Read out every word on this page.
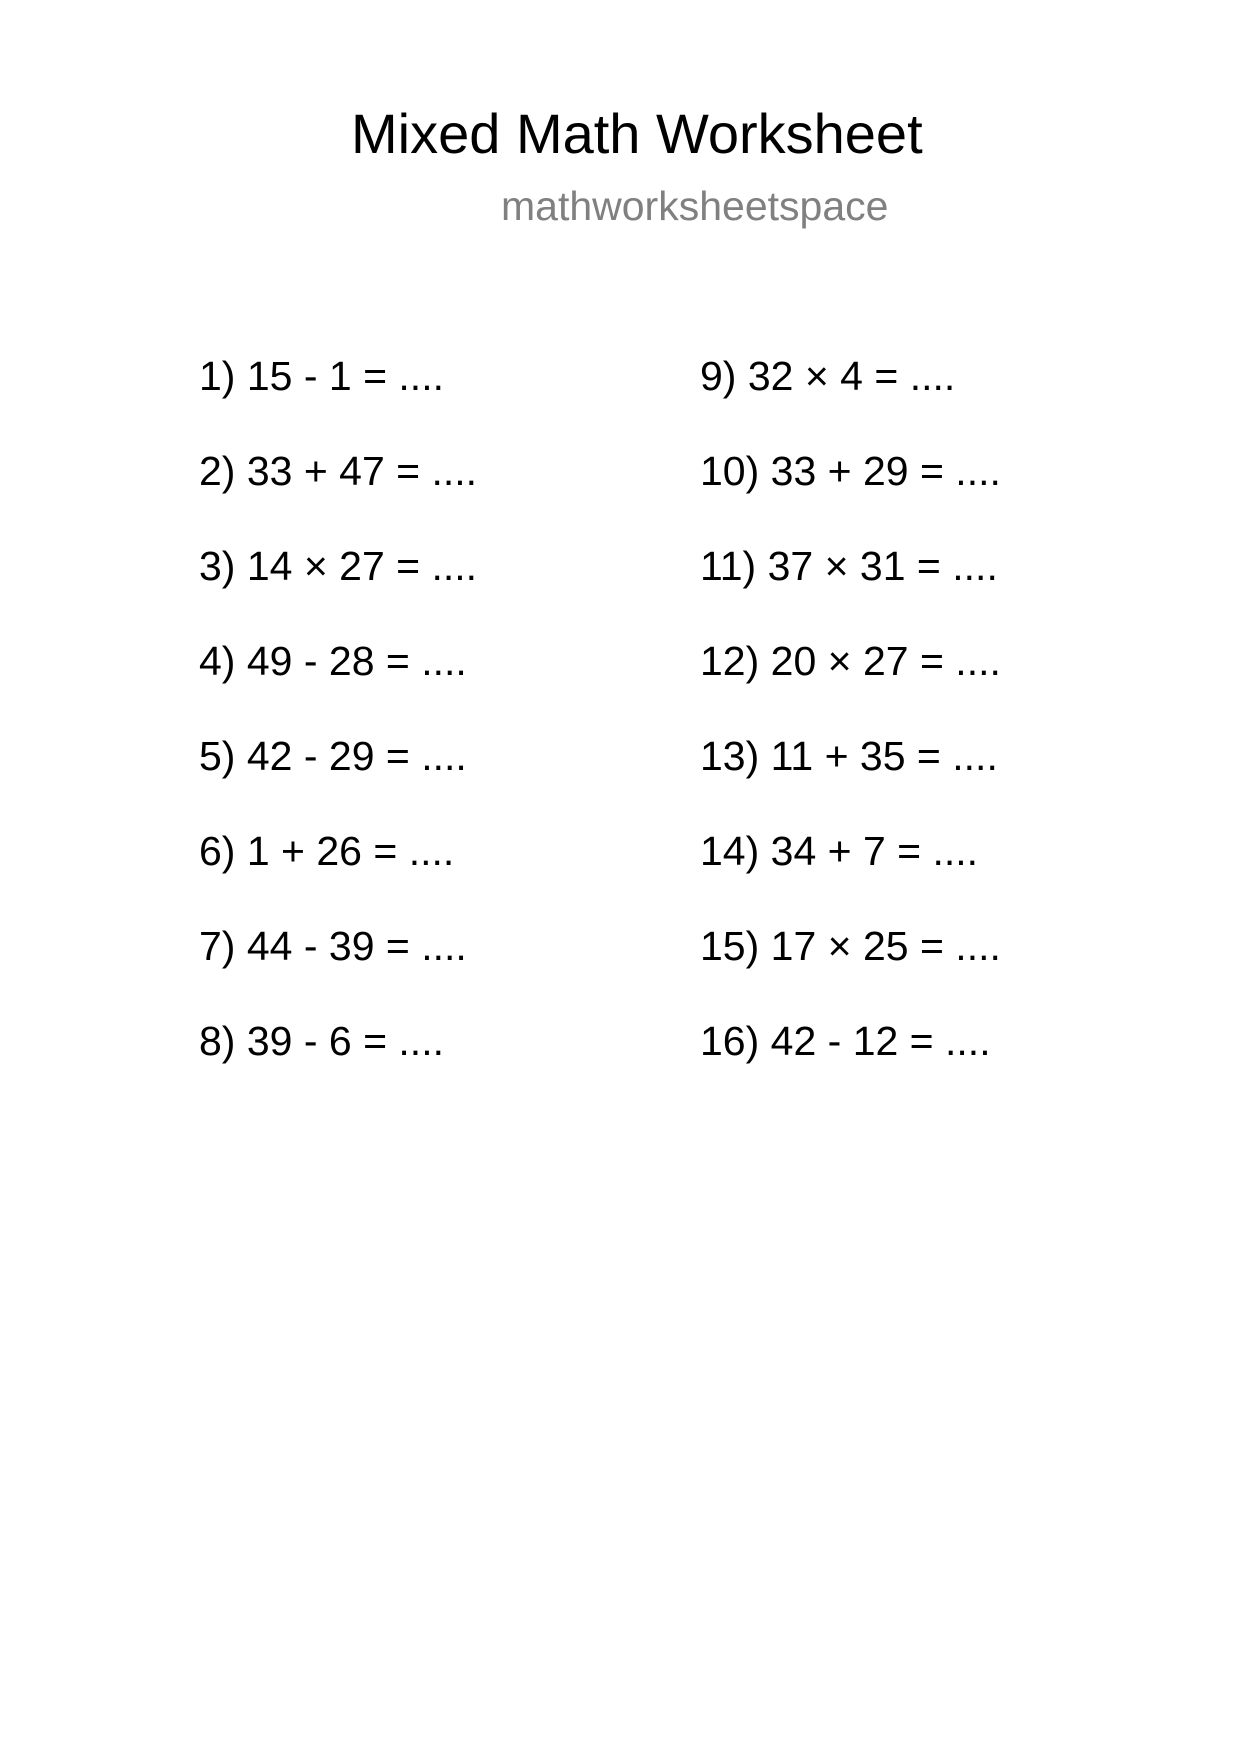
Mixed Math Worksheet
mathworksheetspace
1) 15 - 1 = ....
2) 33 + 47 = ....
3) 14 × 27 = ....
4) 49 - 28 = ....
5) 42 - 29 = ....
6) 1 + 26 = ....
7) 44 - 39 = ....
8) 39 - 6 = ....
9) 32 × 4 = ....
10) 33 + 29 = ....
11) 37 × 31 = ....
12) 20 × 27 = ....
13) 11 + 35 = ....
14) 34 + 7 = ....
15) 17 × 25 = ....
16) 42 - 12 = ....
